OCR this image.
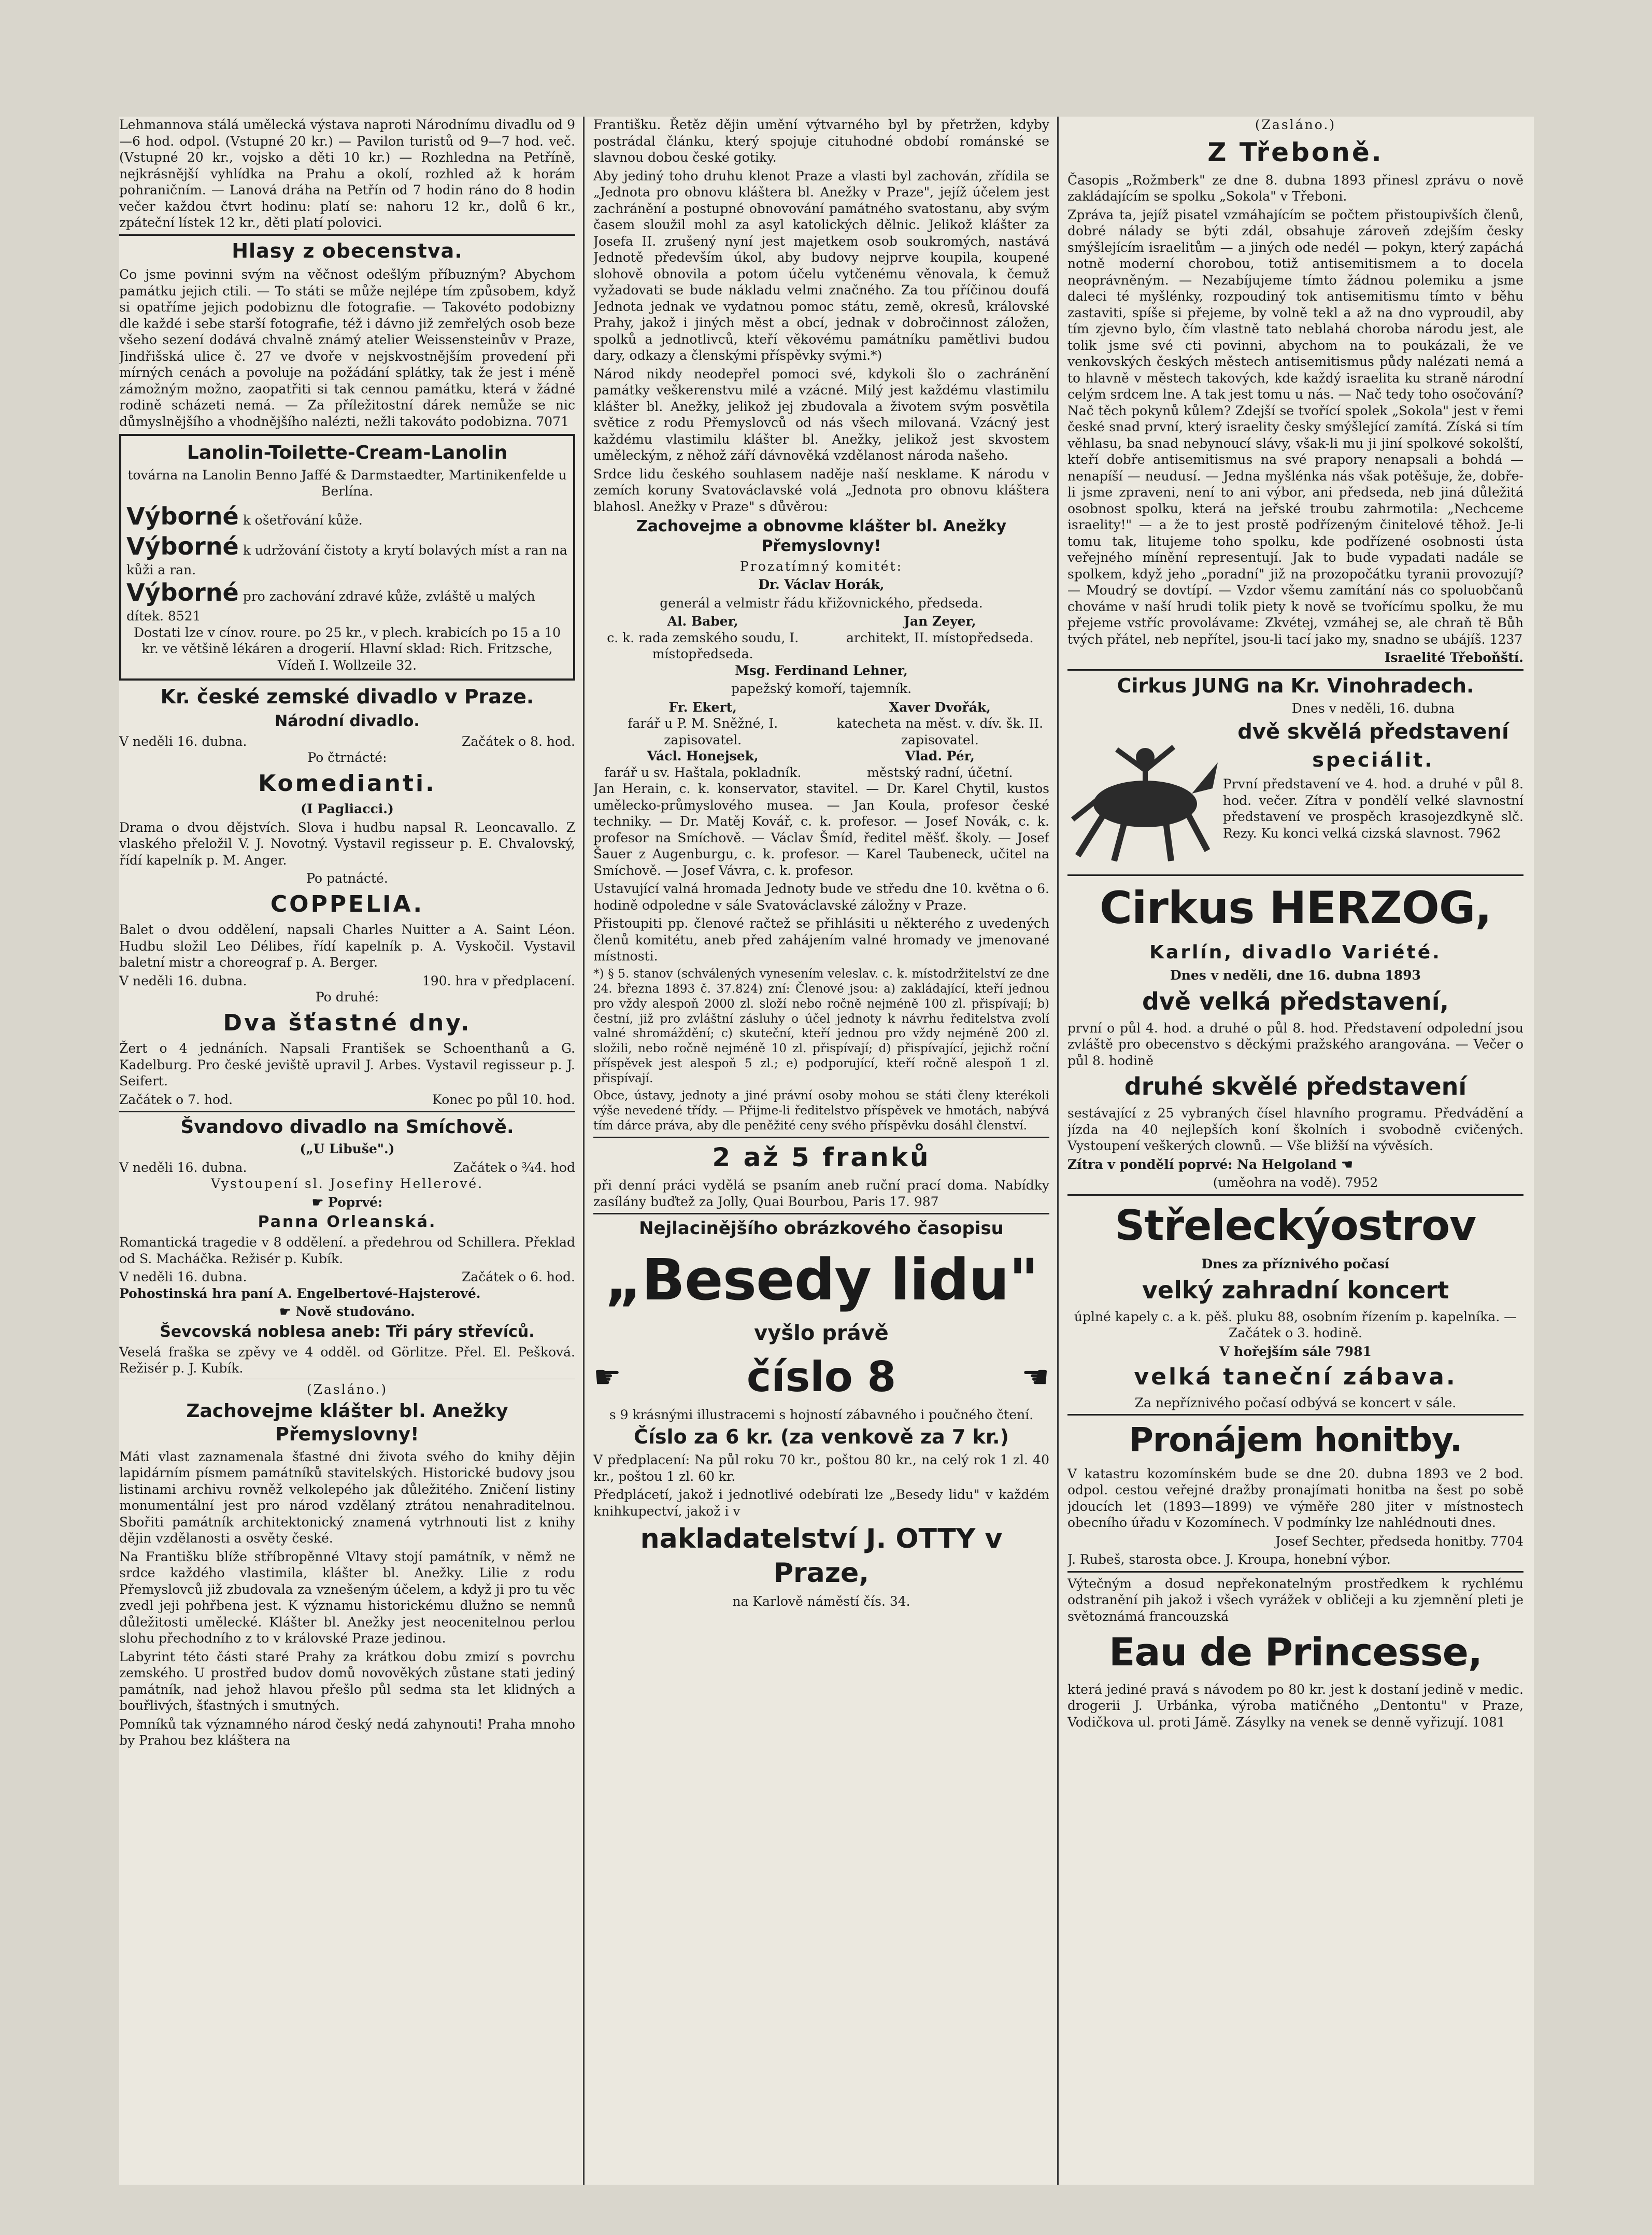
Lehmannova stálá umělecká výstava naproti Národnímu divadlu od 9—6 hod. odpol. (Vstupné 20 kr.) — Pavilon turistů od 9—7 hod. več. (Vstupné 20 kr., vojsko a děti 10 kr.) — Rozhledna na Petříně, nejkrásnější vyhlídka na Prahu a okolí, rozhled až k horám pohraničním. — Lanová dráha na Petřín od 7 hodin ráno do 8 hodin večer každou čtvrt hodinu: platí se: nahoru 12 kr., dolů 6 kr., zpáteční lístek 12 kr., děti platí polovici.

Hlasy z obecenstva.

Co jsme povinni svým na věčnost odešlým příbuzným? Abychom památku jejich ctili. — To státi se může nejlépe tím způsobem, když si opatříme jejich podobiznu dle fotografie. — Takovéto podobizny dle každé i sebe starší fotografie, též i dávno již zemřelých osob beze všeho sezení dodává chvalně známý atelier Weissensteinův v Praze, Jindřišská ulice č. 27 ve dvoře v nejskvostnějším provedení při mírných cenách a povoluje na požádání splátky, tak že jest i méně zámožným možno, zaopatřiti si tak cennou památku, která v žádné rodině scházeti nemá. — Za příležitostní dárek nemůže se nic důmyslnějšího a vhodnějšího nalézti, nežli takováto podobizna. 7071

Lanolin-Toilette-Cream-Lanolin

továrna na Lanolin Benno Jaffé & Darmstaedter, Martinikenfelde u Berlína.

Výborné k ošetřování kůže.
Výborné k udržování čistoty a krytí bolavých míst a ran na kůži a ran.
Výborné pro zachování zdravé kůže, zvláště u malých dítek. 8521

Dostati lze v cínov. roure. po 25 kr., v plech. krabicích po 15 a 10 kr. ve většině lékáren a drogerií. Hlavní sklad: Rich. Fritzsche, Vídeň I. Wollzeile 32.

Kr. české zemské divadlo v Praze.
Národní divadlo.
V neděli 16. dubna.	Začátek o 8. hod.

Po čtrnácté:

Komedianti.

(I Pagliacci.)

Drama o dvou dějstvích. Slova i hudbu napsal R. Leoncavallo. Z vlaského přeložil V. J. Novotný. Vystavil regisseur p. E. Chvalovský, řídí kapelník p. M. Anger.

Po patnácté.

COPPELIA.

Balet o dvou oddělení, napsali Charles Nuitter a A. Saint Léon. Hudbu složil Leo Délibes, řídí kapelník p. A. Vyskočil. Vystavil baletní mistr a choreograf p. A. Berger.

V neděli 16. dubna.	190. hra v předplacení.

Po druhé:

Dva šťastné dny.

Žert o 4 jednáních. Napsali František se Schoenthanů a G. Kadelburg. Pro české jeviště upravil J. Arbes. Vystavil regisseur p. J. Seifert.

Začátek o 7. hod.	Konec po půl 10. hod.
Švandovo divadlo na Smíchově.

(„U Libuše".)

V neděli 16. dubna.	Začátek o ¾4. hod

Vystoupení sl. Josefiny Hellerové.

☛ Poprvé:

Panna Orleanská.

Romantická tragedie v 8 oddělení. a předehrou od Schillera. Překlad od S. Macháčka. Režisér p. Kubík.

V neděli 16. dubna.	Začátek o 6. hod.

Pohostinská hra paní A. Engelbertové-Hajsterové.

☛ Nově studováno.

Ševcovská noblesa aneb: Tři páry střevíců.

Veselá fraška se zpěvy ve 4 odděl. od Görlitze. Přel. El. Pešková. Režisér p. J. Kubík.

(Zasláno.)

Zachovejme klášter bl. Anežky Přemyslovny!

Máti vlast zaznamenala šťastné dni života svého do knihy dějin lapidárním písmem památníků stavitelských. Historické budovy jsou listinami archivu rovněž velkolepého jak důležitého. Zničení listiny monumentální jest pro národ vzdělaný ztrátou nenahraditelnou. Sbořiti památník architektonický znamená vytrhnouti list z knihy dějin vzdělanosti a osvěty české.

Na Františku blíže stříbropěnné Vltavy stojí památník, v němž ne srdce každého vlastimila, klášter bl. Anežky. Lilie z rodu Přemyslovců již zbudovala za vznešeným účelem, a když ji pro tu věc zvedl jeji pohřbena jest. K významu historickému dlužno se nemnů důležitosti umělecké. Klášter bl. Anežky jest neocenitelnou perlou slohu přechodního z to v královské Praze jedinou.

Labyrint této části staré Prahy za krátkou dobu zmizí s povrchu zemského. U prostřed budov domů novověkých zůstane stati jediný památník, nad jehož hlavou přešlo půl sedma sta let klidných a bouřlivých, šťastných i smutných.

Pomníků tak významného národ český nedá zahynouti! Praha mnoho by Prahou bez kláštera na

Františku. Řetěz dějin umění výtvarného byl by přetržen, kdyby postrádal článku, který spojuje cituhodné období románské se slavnou dobou české gotiky.

Aby jediný toho druhu klenot Praze a vlasti byl zachován, zřídila se „Jednota pro obnovu kláštera bl. Anežky v Praze", jejíž účelem jest zachránění a postupné obnovování památného svatostanu, aby svým časem sloužil mohl za asyl katolických dělnic. Jelikož klášter za Josefa II. zrušený nyní jest majetkem osob soukromých, nastává Jednotě především úkol, aby budovy nejprve koupila, koupené slohově obnovila a potom účelu vytčenému věnovala, k čemuž vyžadovati se bude nákladu velmi značného. Za tou příčinou doufá Jednota jednak ve vydatnou pomoc státu, země, okresů, královské Prahy, jakož i jiných měst a obcí, jednak v dobročinnost záložen, spolků a jednotlivců, kteří věkovému památníku pamětlivi budou dary, odkazy a členskými příspěvky svými.*)

Národ nikdy neodepřel pomoci své, kdykoli šlo o zachránění památky veškerenstvu milé a vzácné. Milý jest každému vlastimilu klášter bl. Anežky, jelikož jej zbudovala a životem svým posvětila světice z rodu Přemyslovců od nás všech milovaná. Vzácný jest každému vlastimilu klášter bl. Anežky, jelikož jest skvostem uměleckým, z něhož září dávnověká vzdělanost národa našeho.

Srdce lidu českého souhlasem naděje naší nesklame. K národu v zemích koruny Svatováclavské volá „Jednota pro obnovu kláštera blahosl. Anežky v Praze" s důvěrou:

Zachovejme a obnovme klášter bl. Anežky Přemyslovny!

Prozatímný komitét:

Dr. Václav Horák,

generál a velmistr řádu křižovnického, předseda.

Al. Baber,
c. k. rada zemského soudu, I. místopředseda.
Jan Zeyer,
architekt, II. místopředseda.

Msg. Ferdinand Lehner,

papežský komoří, tajemník.

Fr. Ekert,
farář u P. M. Sněžné, I. zapisovatel.
Xaver Dvořák,
katecheta na měst. v. dív. šk. II. zapisovatel.
Václ. Honejsek,
farář u sv. Haštala, pokladník.
Vlad. Pér,
městský radní, účetní.

Jan Herain, c. k. konservator, stavitel. — Dr. Karel Chytil, kustos umělecko-průmyslového musea. — Jan Koula, profesor české techniky. — Dr. Matěj Kovář, c. k. profesor. — Josef Novák, c. k. profesor na Smíchově. — Václav Šmíd, ředitel měšť. školy. — Josef Šauer z Augenburgu, c. k. profesor. — Karel Taubeneck, učitel na Smíchově. — Josef Vávra, c. k. profesor.

Ustavující valná hromada Jednoty bude ve středu dne 10. května o 6. hodině odpoledne v sále Svatováclavské záložny v Praze.

Přistoupiti pp. členové račtež se přihlásiti u některého z uvedených členů komitétu, aneb před zahájením valné hromady ve jmenované místnosti.

*) § 5. stanov (schválených vynesením veleslav. c. k. místodržitelství ze dne 24. března 1893 č. 37.824) zní: Členové jsou: a) zakládající, kteří jednou pro vždy alespoň 2000 zl. složí nebo ročně nejméně 100 zl. přispívají; b) čestní, již pro zvláštní zásluhy o účel jednoty k návrhu ředitelstva zvolí valné shromáždění; c) skuteční, kteří jednou pro vždy nejméně 200 zl. složili, nebo ročně nejméně 10 zl. přispívají; d) přispívající, jejichž roční příspěvek jest alespoň 5 zl.; e) podporující, kteří ročně alespoň 1 zl. přispívají.

Obce, ústavy, jednoty a jiné právní osoby mohou se státi členy kterékoli výše nevedené třídy. — Přijme-li ředitelstvo příspěvek ve hmotách, nabývá tím dárce práva, aby dle peněžité ceny svého příspěvku dosáhl členství.

2 až 5 franků

při denní práci vydělá se psaním aneb ruční prací doma. Nabídky zasílány buďtež za Jolly, Quai Bourbou, Paris 17. 987

Nejlacinějšího obrázkového časopisu
„Besedy lidu"
vyšlo právě
☛	číslo 8	☚

s 9 krásnými illustracemi s hojností zábavného i poučného čtení.

Číslo za 6 kr. (za venkově za 7 kr.)

V předplacení: Na půl roku 70 kr., poštou 80 kr., na celý rok 1 zl. 40 kr., poštou 1 zl. 60 kr.

Předplácetí, jakož i jednotlivé odebírati lze „Besedy lidu" v každém knihkupectví, jakož i v

nakladatelství J. OTTY v Praze,

na Karlově náměstí čís. 34.

(Zasláno.)

Z Třeboně.

Časopis „Rožmberk" ze dne 8. dubna 1893 přinesl zprávu o nově zakládajícím se spolku „Sokola" v Třeboni.

Zpráva ta, jejíž pisatel vzmáhajícím se počtem přistoupivších členů, dobré nálady se býti zdál, obsahuje zároveň zdejším česky smýšlejícím israelitům — a jiných ode nedél — pokyn, který zapáchá notně moderní chorobou, totiž antisemitismem a to docela neoprávněným. — Nezabíjujeme tímto žádnou polemiku a jsme daleci té myšlénky, rozpoudiný tok antisemitismu tímto v běhu zastaviti, spíše si přejeme, by volně tekl a až na dno vyproudil, aby tím zjevno bylo, čím vlastně tato neblahá choroba národu jest, ale tolik jsme své cti povinni, abychom na to poukázali, že ve venkovských českých městech antisemitismus půdy nalézati nemá a to hlavně v městech takových, kde každý israelita ku straně národní celým srdcem lne. A tak jest tomu u nás. — Nač tedy toho osočování? Nač těch pokynů kůlem? Zdejší se tvořící spolek „Sokola" jest v řemi české snad první, který israelity česky smýšlející zamítá. Získá si tím věhlasu, ba snad nebynoucí slávy, však-li mu ji jiní spolkové sokolští, kteří dobře antisemitismus na své prapory nenapsali a bohdá — nenapíší — neudusí. — Jedna myšlénka nás však potěšuje, že, dobře-li jsme zpraveni, není to ani výbor, ani předseda, neb jiná důležitá osobnost spolku, která na jeřské troubu zahrmotila: „Nechceme israelity!" — a že to jest prostě podřízeným činitelové těhož. Je-li tomu tak, litujeme toho spolku, kde podřízené osobnosti ústa veřejného mínění representují. Jak to bude vypadati nadále se spolkem, když jeho „poradní" již na prozopočátku tyranii provozují? — Moudrý se dovtípí. — Vzdor všemu zamítání nás co spoluobčanů chováme v naší hrudi tolik piety k nově se tvořícímu spolku, že mu přejeme vstříc provolávame: Zkvétej, vzmáhej se, ale chraň tě Bůh tvých přátel, neb nepřítel, jsou-li tací jako my, snadno se ubájíš. 1237

Israelité Třeboňští.

Cirkus JUNG na Kr. Vinohradech.

Dnes v neděli, 16. dubna

dvě skvělá představení
speciálit.

První představení ve 4. hod. a druhé v půl 8. hod. večer. Zítra v pondělí velké slavnostní představení ve prospěch krasojezdkyně slč. Rezy. Ku konci velká cizská slavnost. 7962

Cirkus HERZOG,
Karlín, divadlo Variété.

Dnes v neděli, dne 16. dubna 1893

dvě velká představení,

první o půl 4. hod. a druhé o půl 8. hod. Představení odpolední jsou zvláště pro obecenstvo s děckými pražského arangována. — Večer o půl 8. hodině

druhé skvělé představení

sestávající z 25 vybraných čísel hlavního programu. Předvádění a jízda na 40 nejlepších koní školních i svobodně cvičených. Vystoupení veškerých clownů. — Vše bližší na vývěsích.

Zítra v pondělí poprvé: Na Helgoland ☚

(uměohra na vodě). 7952

Střeleckýostrov

Dnes za příznivého počasí

velký zahradní koncert

úplné kapely c. a k. pěš. pluku 88, osobním řízením p. kapelníka. — Začátek o 3. hodině.

V hořejším sále 7981

velká taneční zábava.

Za nepříznivého počasí odbývá se koncert v sále.

Pronájem honitby.

V katastru kozomínském bude se dne 20. dubna 1893 ve 2 bod. odpol. cestou veřejné dražby pronajímati honitba na šest po sobě jdoucích let (1893—1899) ve výměře 280 jiter v místnostech obecního úřadu v Kozomínech. V podmínky lze nahlédnouti dnes.

Josef Sechter, předseda honitby. 7704

J. Rubeš, starosta obce. J. Kroupa, honební výbor.

Výtečným a dosud nepřekonatelným prostředkem k rychlému odstranění pih jakož i všech vyrážek v obličeji a ku zjemnění pleti je světoznámá francouzská

Eau de Princesse,

která jediné pravá s návodem po 80 kr. jest k dostaní jedině v medic. drogerii J. Urbánka, výroba matičného „Dentontu" v Praze, Vodičkova ul. proti Jámě. Zásylky na venek se denně vyřizují. 1081
